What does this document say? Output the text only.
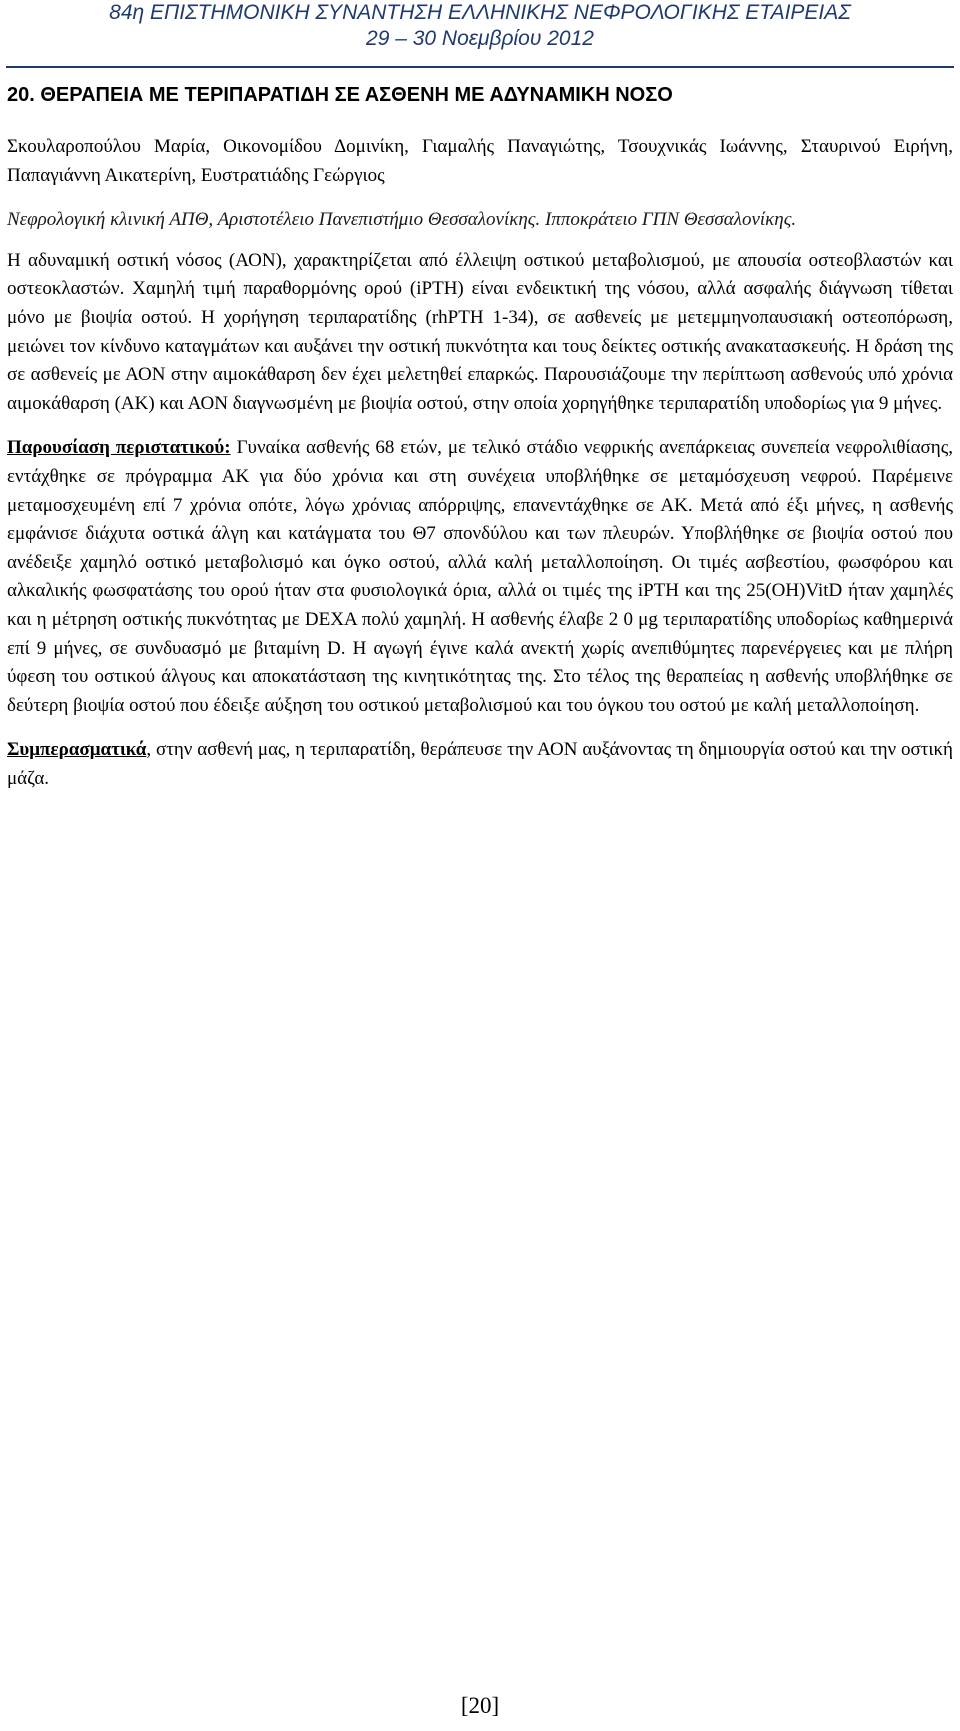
84η ΕΠΙΣΤΗΜΟΝΙΚΗ ΣΥΝΑΝΤΗΣΗ ΕΛΛΗΝΙΚΗΣ ΝΕΦΡΟΛΟΓΙΚΗΣ ΕΤΑΙΡΕΙΑΣ
29 – 30 Νοεμβρίου 2012
20. ΘΕΡΑΠΕΙΑ ΜΕ ΤΕΡΙΠΑΡΑΤΙΔΗ ΣΕ ΑΣΘΕΝΗ ΜΕ ΑΔΥΝΑΜΙΚΗ ΝΟΣΟ
Σκουλαροπούλου Μαρία, Οικονομίδου Δομινίκη, Γιαμαλής Παναγιώτης, Τσουχνικάς Ιωάννης, Σταυρινού Ειρήνη, Παπαγιάννη Αικατερίνη, Ευστρατιάδης Γεώργιος
Νεφρολογική κλινική ΑΠΘ, Αριστοτέλειο Πανεπιστήμιο Θεσσαλονίκης. Ιπποκράτειο ΓΠΝ Θεσσαλονίκης.
Η αδυναμική οστική νόσος (ΑΟΝ), χαρακτηρίζεται από έλλειψη οστικού μεταβολισμού, με απουσία οστεοβλαστών και οστεοκλαστών. Χαμηλή τιμή παραθορμόνης ορού (iPTH) είναι ενδεικτική της νόσου, αλλά ασφαλής διάγνωση τίθεται μόνο με βιοψία οστού. Η χορήγηση τεριπαρατίδης (rhPTH 1-34), σε ασθενείς με μετεμμηνοπαυσιακή οστεοπόρωση, μειώνει τον κίνδυνο καταγμάτων και αυξάνει την οστική πυκνότητα και τους δείκτες οστικής ανακατασκευής. Η δράση της σε ασθενείς με ΑΟΝ στην αιμοκάθαρση δεν έχει μελετηθεί επαρκώς. Παρουσιάζουμε την περίπτωση ασθενούς υπό χρόνια αιμοκάθαρση (ΑΚ) και ΑΟΝ διαγνωσμένη με βιοψία οστού, στην οποία χορηγήθηκε τεριπαρατίδη υποδορίως για 9 μήνες.
Παρουσίαση περιστατικού: Γυναίκα ασθενής 68 ετών, με τελικό στάδιο νεφρικής ανεπάρκειας συνεπεία νεφρολιθίασης, εντάχθηκε σε πρόγραμμα ΑΚ για δύο χρόνια και στη συνέχεια υποβλήθηκε σε μεταμόσχευση νεφρού. Παρέμεινε μεταμοσχευμένη επί 7 χρόνια οπότε, λόγω χρόνιας απόρριψης, επανεντάχθηκε σε ΑΚ. Μετά από έξι μήνες, η ασθενής εμφάνισε διάχυτα οστικά άλγη και κατάγματα του Θ7 σπονδύλου και των πλευρών. Υποβλήθηκε σε βιοψία οστού που ανέδειξε χαμηλό οστικό μεταβολισμό και όγκο οστού, αλλά καλή μεταλλοποίηση. Οι τιμές ασβεστίου, φωσφόρου και αλκαλικής φωσφατάσης του ορού ήταν στα φυσιολογικά όρια, αλλά οι τιμές της iPTH και της 25(OH)VitD ήταν χαμηλές και η μέτρηση οστικής πυκνότητας με DEXA πολύ χαμηλή. Η ασθενής έλαβε 2 0 μg τεριπαρατίδης υποδορίως καθημερινά επί 9 μήνες, σε συνδυασμό με βιταμίνη D. Η αγωγή έγινε καλά ανεκτή χωρίς ανεπιθύμητες παρενέργειες και με πλήρη ύφεση του οστικού άλγους και αποκατάσταση της κινητικότητας της. Στο τέλος της θεραπείας η ασθενής υποβλήθηκε σε δεύτερη βιοψία οστού που έδειξε αύξηση του οστικού μεταβολισμού και του όγκου του οστού με καλή μεταλλοποίηση.
Συμπερασματικά, στην ασθενή μας, η τεριπαρατίδη, θεράπευσε την ΑΟΝ αυξάνοντας τη δημιουργία οστού και την οστική μάζα.
[20]
